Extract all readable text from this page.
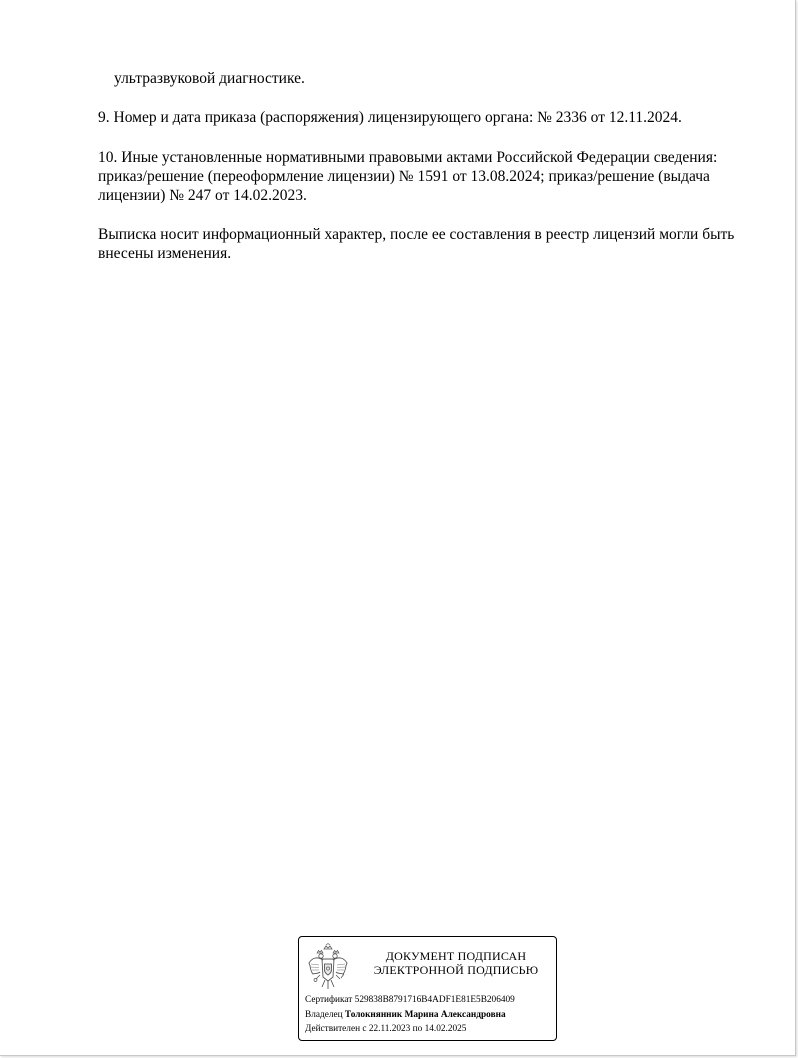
ультразвуковой диагностике.

9. Номер и дата приказа (распоряжения) лицензирующего органа: № 2336 от 12.11.2024.

10. Иные установленные нормативными правовыми актами Российской Федерации сведения:

приказ/решение (переоформление лицензии) № 1591 от 13.08.2024; приказ/решение (выдача

лицензии) № 247 от 14.02.2023.

Выписка носит информационный характер, после ее составления в реестр лицензий могли быть

внесены изменения.

ДОКУМЕНТ ПОДПИСАН
ЭЛЕКТРОННОЙ ПОДПИСЬЮ
Сертификат 529838B8791716B4ADF1E81E5B206409
Владелец Толокнянник Марина Александровна
Действителен с 22.11.2023 по 14.02.2025
